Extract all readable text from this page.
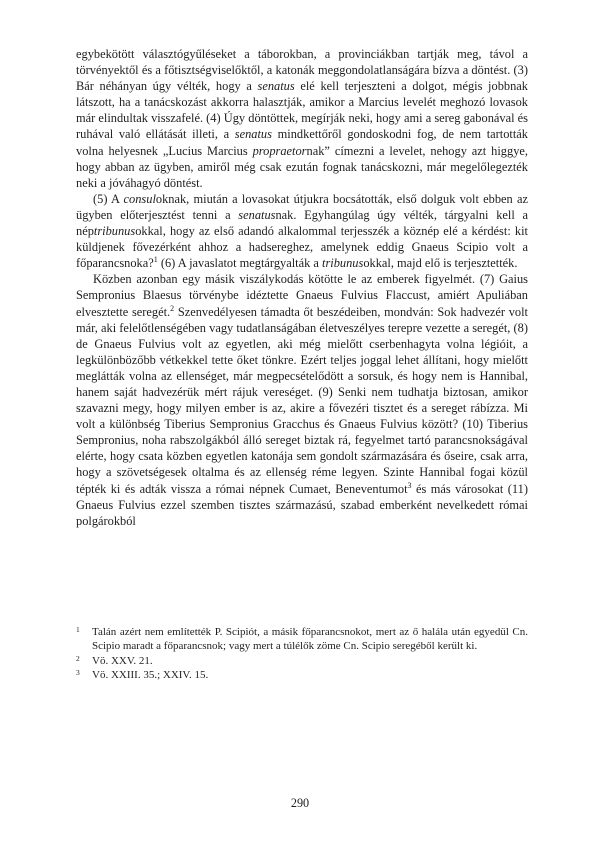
egybekötött választógyűléseket a táborokban, a provinciákban tartják meg, távol a törvényektől és a főtisztségviselőktől, a katonák meggondolatlanságára bízva a döntést. (3) Bár néhányan úgy vélték, hogy a senatus elé kell terjeszteni a dolgot, mégis jobbnak látszott, ha a tanácskozást akkorra halasztják, amikor a Marcius levelét meghozó lovasok már elindultak visszafelé. (4) Úgy döntöttek, megírják neki, hogy ami a sereg gabonával és ruhával való ellátását illeti, a senatus mindkettőről gondoskodni fog, de nem tartották volna helyesnek „Lucius Marcius propraetornak” címezni a levelet, nehogy azt higgye, hogy abban az ügyben, amiről még csak ezután fognak tanácskozni, már megelőlegezték neki a jóváhagyó döntést.

(5) A consuloknak, miután a lovasokat útjukra bocsátották, első dolguk volt ebben az ügyben előterjesztést tenni a senatusnak. Egyhangúlag úgy vélték, tárgyalni kell a néptribunusokkal, hogy az első adandó alkalommal terjesszék a köznép elé a kérdést: kit küldjenek fővezérként ahhoz a hadsereghez, amelynek eddig Gnaeus Scipio volt a főparancsnoka?$^1$ (6) A javaslatot megtárgyalták a tribunusokkal, majd elő is terjesztették.

Közben azonban egy másik viszálykodás kötötte le az emberek figyelmét. (7) Gaius Sempronius Blaesus törvénybe idéztette Gnaeus Fulvius Flaccust, amiért Apuliában elvesztette seregét.$^2$ Szenvedélyesen támadta őt beszédeiben, mondván: Sok hadvezér volt már, aki felelőtlenségében vagy tudatlanságában életveszélyes terepre vezette a seregét, (8) de Gnaeus Fulvius volt az egyetlen, aki még mielőtt cserbenhagyta volna légióit, a legkülönbözőbb vétkekkel tette őket tönkre. Ezért teljes joggal lehet állítani, hogy mielőtt meglátták volna az ellenséget, már megpecsételődött a sorsuk, és hogy nem is Hannibal, hanem saját hadvezérük mért rájuk vereséget. (9) Senki nem tudhatja biztosan, amikor szavazni megy, hogy milyen ember is az, akire a fővezéri tisztet és a sereget rábízza. Mi volt a különbség Tiberius Sempronius Gracchus és Gnaeus Fulvius között? (10) Tiberius Sempronius, noha rabszolgákból álló sereget biztak rá, fegyelmet tartó parancsnokságával elérte, hogy csata közben egyetlen katonája sem gondolt származására és őseire, csak arra, hogy a szövetségesek oltalma és az ellenség réme legyen. Szinte Hannibal fogai közül tépték ki és adták vissza a római népnek Cumaet, Beneventumot$^3$ és más városokat (11) Gnaeus Fulvius ezzel szemben tisztes származású, szabad emberként nevelkedett római polgárokból

1 Talán azért nem említették P. Scipiót, a másik főparancsnokot, mert az ő halála után egyedül Cn. Scipio maradt a főparancsnok; vagy mert a túlélők zöme Cn. Scipio seregéből került ki.

2 Vö. XXV. 21.

3 Vö. XXIII. 35.; XXIV. 15.

290
